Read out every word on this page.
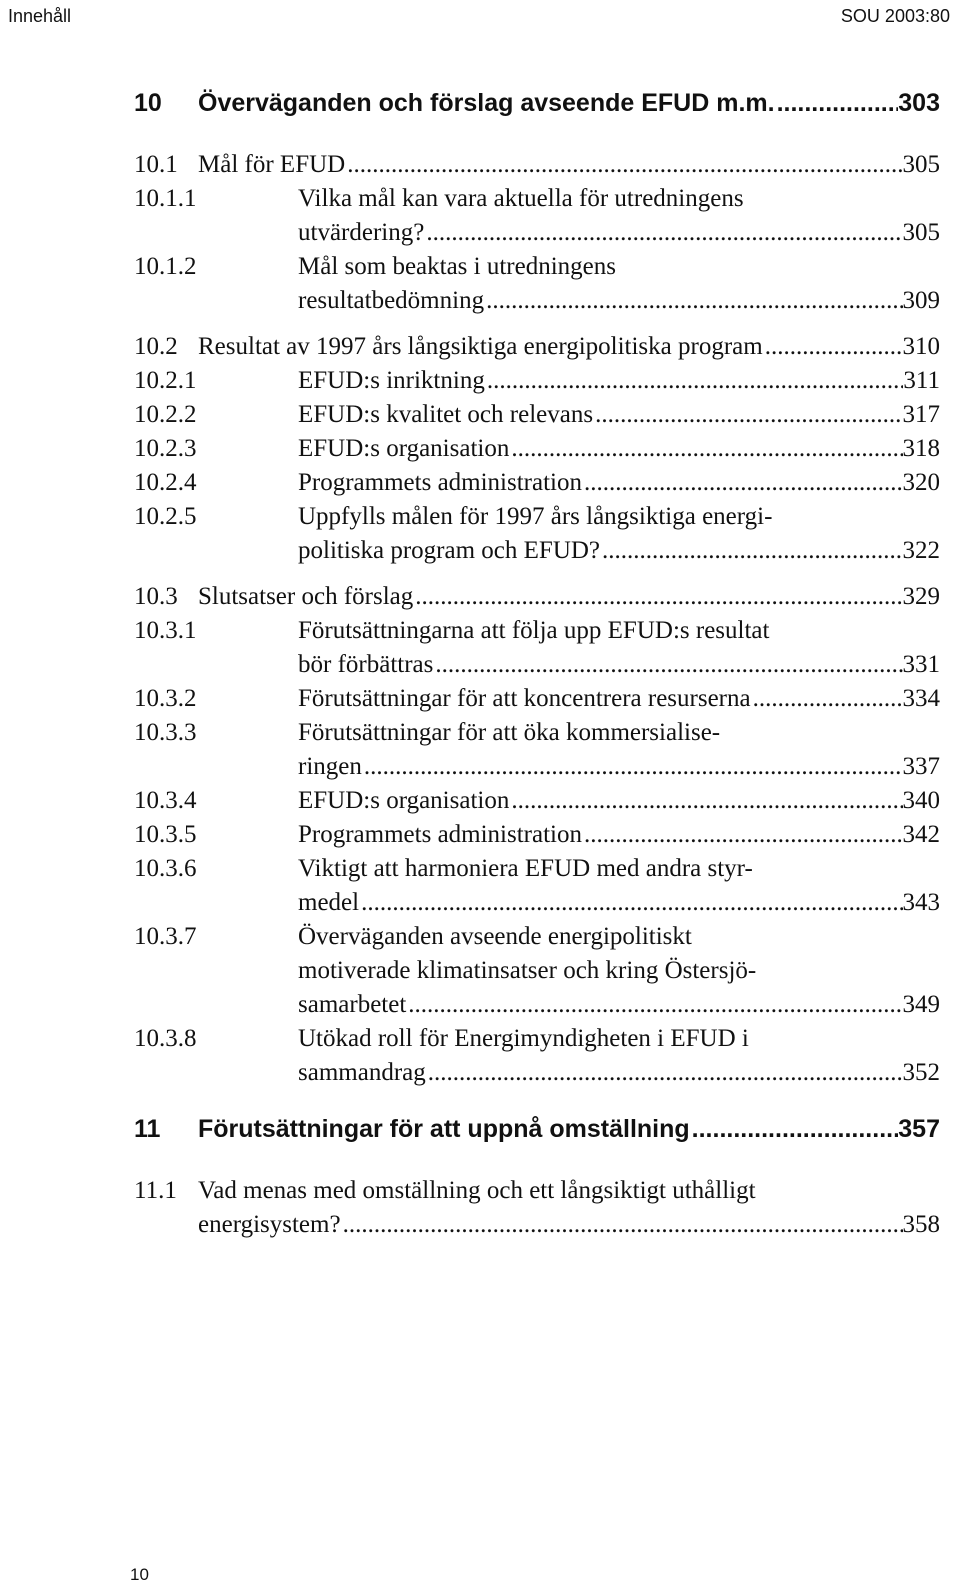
Innehåll	SOU 2003:80
10	Överväganden och förslag avseende EFUD m.m. .....	303
10.1 Mål för EFUD .....	305
10.1.1	Vilka mål kan vara aktuella för utredningens
utvärdering? .....	305
10.1.2	Mål som beaktas i utredningens
resultatbedömning .....	309
10.2 Resultat av 1997 års långsiktiga energipolitiska program .....	310
10.2.1	EFUD:s inriktning .....	311
10.2.2	EFUD:s kvalitet och relevans .....	317
10.2.3	EFUD:s organisation .....	318
10.2.4	Programmets administration .....	320
10.2.5	Uppfylls målen för 1997 års långsiktiga energi-
politiska program och EFUD? .....	322
10.3 Slutsatser och förslag .....	329
10.3.1	Förutsättningarna att följa upp EFUD:s resultat
bör förbättras .....	331
10.3.2	Förutsättningar för att koncentrera resurserna .....	334
10.3.3	Förutsättningar för att öka kommersialise-
ringen .....	337
10.3.4	EFUD:s organisation .....	340
10.3.5	Programmets administration .....	342
10.3.6	Viktigt att harmoniera EFUD med andra styr-
medel .....	343
10.3.7	Överväganden avseende energipolitiskt
motiverade klimatinsatser och kring Östersjö-
samarbetet .....	349
10.3.8	Utökad roll för Energimyndigheten i EFUD i
sammandrag .....	352
11	Förutsättningar för att uppnå omställning .....	357
11.1 Vad menas med omställning och ett långsiktigt uthålligt
energisystem? .....	358
10
